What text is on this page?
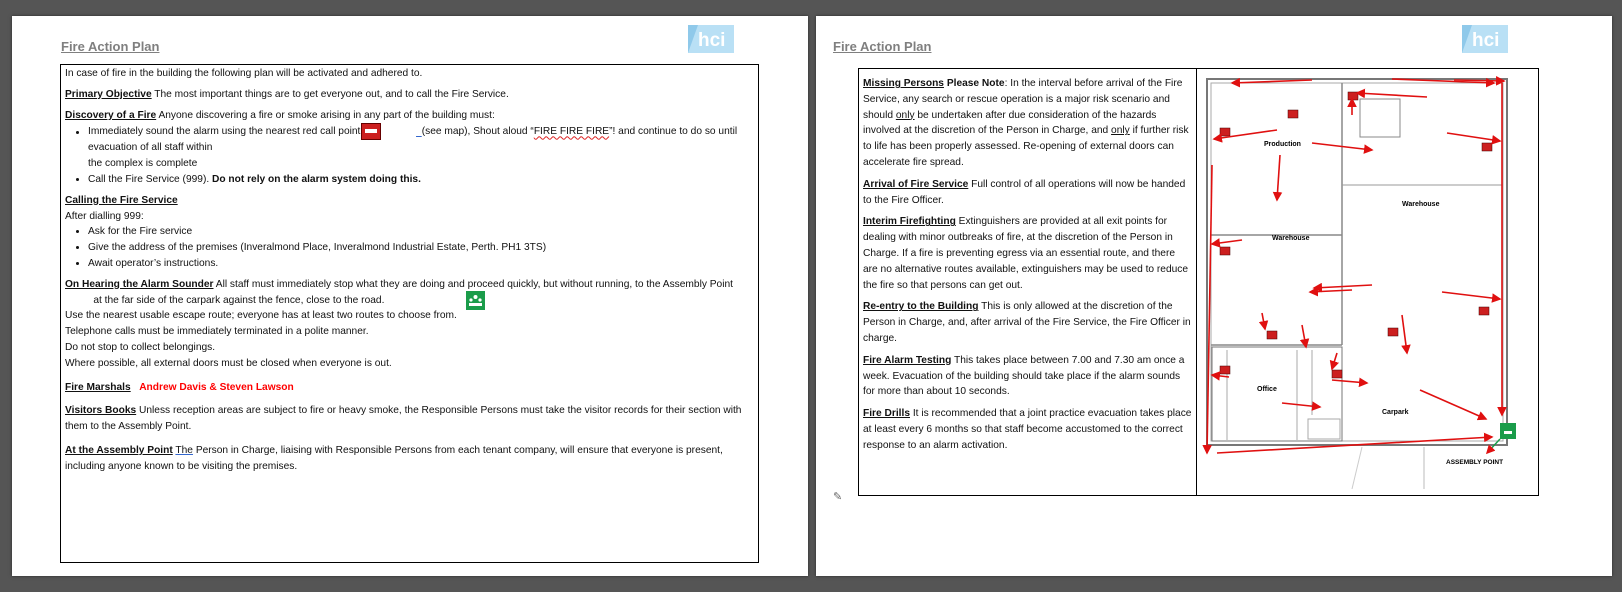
Fire Action Plan	hci

In case of fire in the building the following plan will be activated and adhered to.

Primary Objective The most important things are to get everyone out, and to call the Fire Service.

Discovery of a Fire Anyone discovering a fire or smoke arising in any part of the building must:

• Immediately sound the alarm using the nearest red call point	(see map), Shout aloud “FIRE FIRE FIRE”! and continue to do so until evacuation of all staff within
the complex is complete
• Call the Fire Service (999). Do not rely on the alarm system doing this.

Calling the Fire Service

After dialling 999:

• Ask for the Fire service
• Give the address of the premises (Inveralmond Place, Inveralmond Industrial Estate, Perth. PH1 3TS)
• Await operator’s instructions.

On Hearing the Alarm Sounder All staff must immediately stop what they are doing and proceed quickly, but without running, to the Assembly Point           at the far side of the carpark against the fence, close to the road.

Use the nearest usable escape route; everyone has at least two routes to choose from.

Telephone calls must be immediately terminated in a polite manner.

Do not stop to collect belongings.

Where possible, all external doors must be closed when everyone is out.

Fire Marshals Andrew Davis & Steven Lawson

Visitors Books Unless reception areas are subject to fire or heavy smoke, the Responsible Persons must take the visitor records for their section with them to the Assembly Point.

At the Assembly Point The Person in Charge, liaising with Responsible Persons from each tenant company, will ensure that everyone is present, including anyone known to be visiting the premises.

Fire Action Plan	hci

Missing Persons Please Note: In the interval before arrival of the Fire Service, any search or rescue operation is a major risk scenario and should only be undertaken after due consideration of the hazards involved at the discretion of the Person in Charge, and only if further risk to life has been properly assessed. Re-opening of external doors can accelerate fire spread.

Arrival of Fire Service Full control of all operations will now be handed to the Fire Officer.

Interim Firefighting Extinguishers are provided at all exit points for dealing with minor outbreaks of fire, at the discretion of the Person in Charge. If a fire is preventing egress via an essential route, and there are no alternative routes available, extinguishers may be used to reduce the fire so that persons can get out.

Re-entry to the Building This is only allowed at the discretion of the Person in Charge, and, after arrival of the Fire Service, the Fire Officer in charge.

Fire Alarm Testing This takes place between 7.00 and 7.30 am once a week. Evacuation of the building should take place if the alarm sounds for more than about 10 seconds.

Fire Drills It is recommended that a joint practice evacuation takes place at least every 6 months so that staff become accustomed to the correct response to an alarm activation.

Production
Warehouse
Warehouse
Office
Carpark
ASSEMBLY POINT
✎
